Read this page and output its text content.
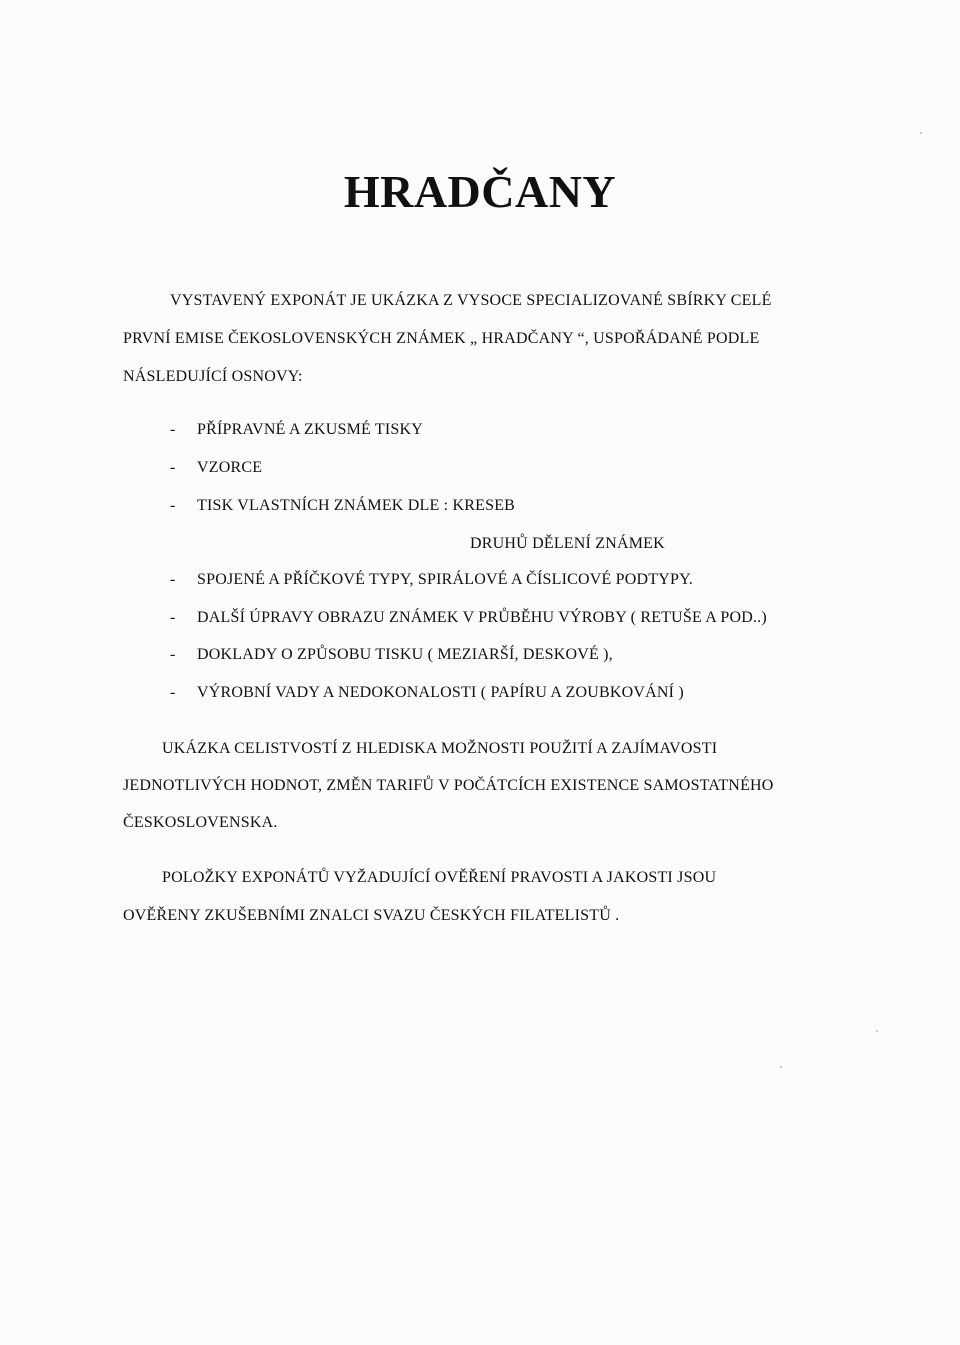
HRADČANY
VYSTAVENÝ EXPONÁT JE UKÁZKA Z VYSOCE SPECIALIZOVANÉ SBÍRKY CELÉ
PRVNÍ EMISE ČEKOSLOVENSKÝCH ZNÁMEK „ HRADČANY “, USPOŘÁDANÉ PODLE
NÁSLEDUJÍCÍ OSNOVY:
- PŘÍPRAVNÉ A ZKUSMÉ TISKY
- VZORCE
- TISK VLASTNÍCH ZNÁMEK DLE : KRESEB
DRUHŮ DĚLENÍ ZNÁMEK
- SPOJENÉ A PŘÍČKOVÉ TYPY, SPIRÁLOVÉ A ČÍSLICOVÉ PODTYPY.
- DALŠÍ ÚPRAVY OBRAZU ZNÁMEK V PRŮBĚHU VÝROBY ( RETUŠE A POD..)
- DOKLADY O ZPŮSOBU TISKU ( MEZIARŠÍ, DESKOVÉ ),
- VÝROBNÍ VADY A NEDOKONALOSTI ( PAPÍRU A ZOUBKOVÁNÍ )
UKÁZKA CELISTVOSTÍ Z HLEDISKA MOŽNOSTI POUŽITÍ A ZAJÍMAVOSTI
JEDNOTLIVÝCH HODNOT, ZMĚN TARIFŮ V POČÁTCÍCH EXISTENCE SAMOSTATNÉHO
ČESKOSLOVENSKA.
POLOŽKY EXPONÁTŮ VYŽADUJÍCÍ OVĚŘENÍ PRAVOSTI A JAKOSTI JSOU
OVĚŘENY ZKUŠEBNÍMI ZNALCI SVAZU ČESKÝCH FILATELISTŮ .
